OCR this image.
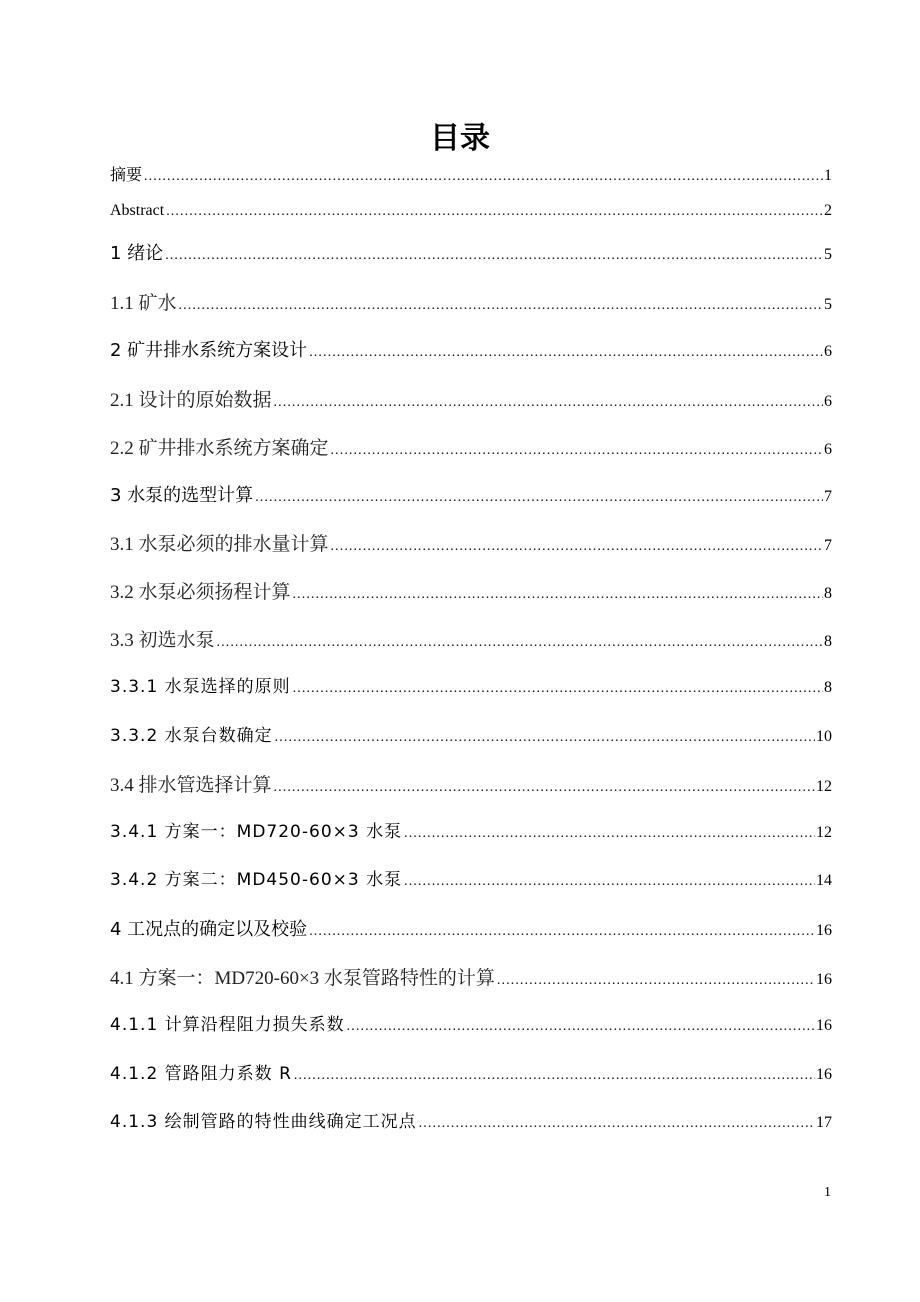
目录
摘要 . . .	1
Abstract . . .	2
1 绪论 . . .	5
1.1 矿水 . . .	5
2 矿井排水系统方案设计 . . .	6
2.1 设计的原始数据 . . .	6
2.2 矿井排水系统方案确定 . . .	6
3 水泵的选型计算 . . .	7
3.1 水泵必须的排水量计算 . . .	7
3.2 水泵必须扬程计算 . . .	8
3.3 初选水泵 . . .	8
3.3.1 水泵选择的原则 . . .	8
3.3.2 水泵台数确定 . . .	10
3.4 排水管选择计算 . . .	12
3.4.1 方案一：MD720-60×3 水泵 . . .	12
3.4.2 方案二：MD450-60×3 水泵 . . .	14
4 工况点的确定以及校验 . . .	16
4.1 方案一：MD720-60×3 水泵管路特性的计算 . . .	16
4.1.1 计算沿程阻力损失系数 . . .	16
4.1.2 管路阻力系数 R . . .	16
4.1.3 绘制管路的特性曲线确定工况点 . . .	17
1
